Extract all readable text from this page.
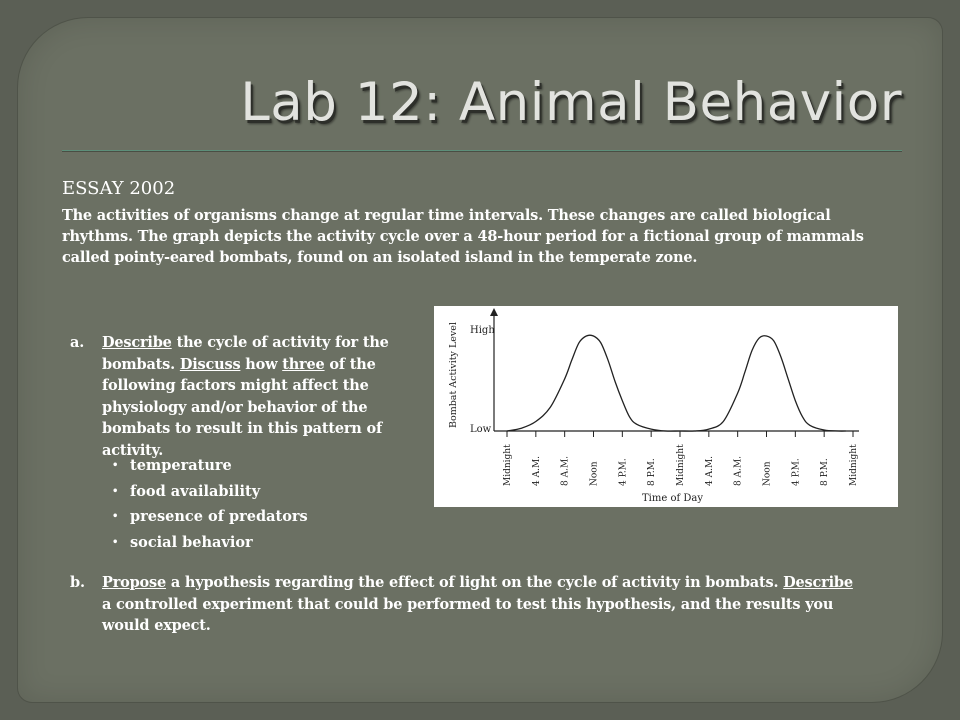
Lab 12: Animal Behavior
ESSAY 2002
The activities of organisms change at regular time intervals. These changes are called biological rhythms. The graph depicts the activity cycle over a 48-hour period for a fictional group of mammals called pointy-eared bombats, found on an isolated island in the temperate zone.
a. Describe the cycle of activity for the bombats. Discuss how three of the following factors might affect the physiology and/or behavior of the bombats to result in this pattern of activity.
• temperature
• food availability
• presence of predators
• social behavior
High
Low
Bombat Activity Level
Midnight 4 A.M. 8 A.M. Noon 4 P.M. 8 P.M. Midnight 4 A.M. 8 A.M. Noon 4 P.M. 8 P.M. Midnight
Time of Day
b. Propose a hypothesis regarding the effect of light on the cycle of activity in bombats. Describe a controlled experiment that could be performed to test this hypothesis, and the results you would expect.
